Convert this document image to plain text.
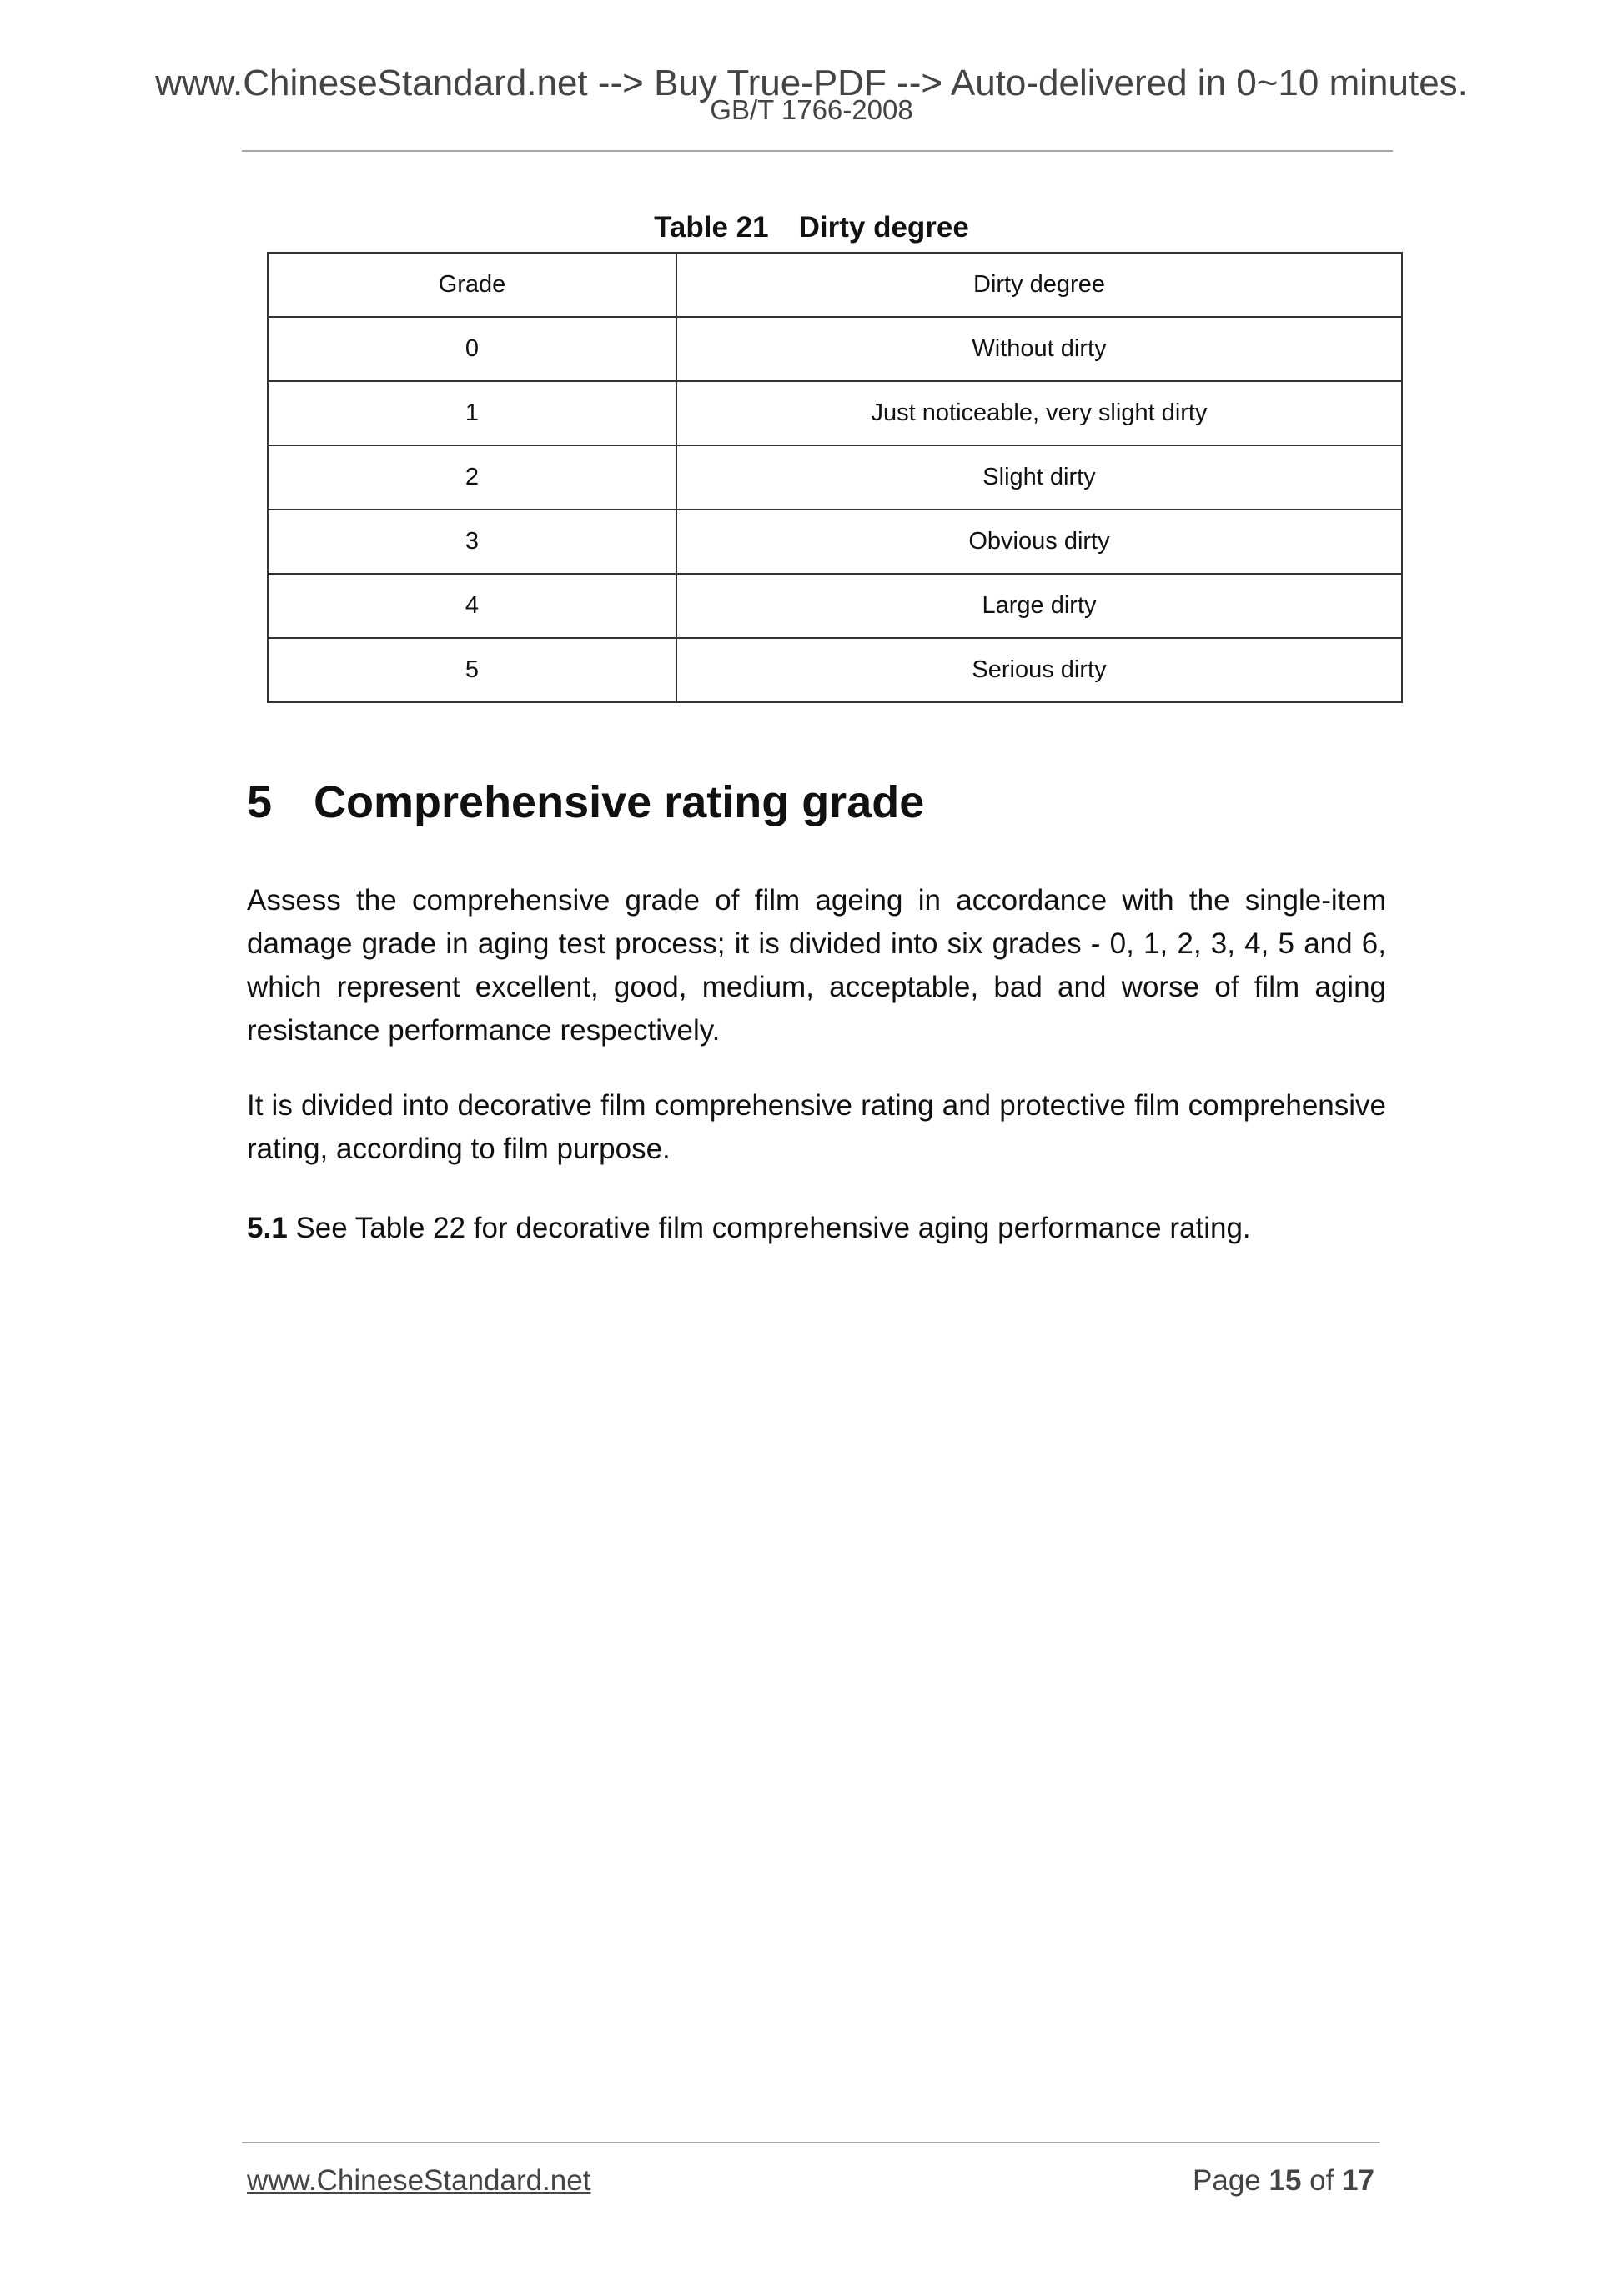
www.ChineseStandard.net --> Buy True-PDF --> Auto-delivered in 0~10 minutes.
GB/T 1766-2008
Table 21 Dirty degree
Grade	Dirty degree
0	Without dirty
1	Just noticeable, very slight dirty
2	Slight dirty
3	Obvious dirty
4	Large dirty
5	Serious dirty
5 Comprehensive rating grade

Assess the comprehensive grade of film ageing in accordance with the single-item damage grade in aging test process; it is divided into six grades - 0, 1, 2, 3, 4, 5 and 6, which represent excellent, good, medium, acceptable, bad and worse of film aging resistance performance respectively.

It is divided into decorative film comprehensive rating and protective film comprehensive rating, according to film purpose.

5.1 See Table 22 for decorative film comprehensive aging performance rating.

www.ChineseStandard.net	Page 15 of 17
